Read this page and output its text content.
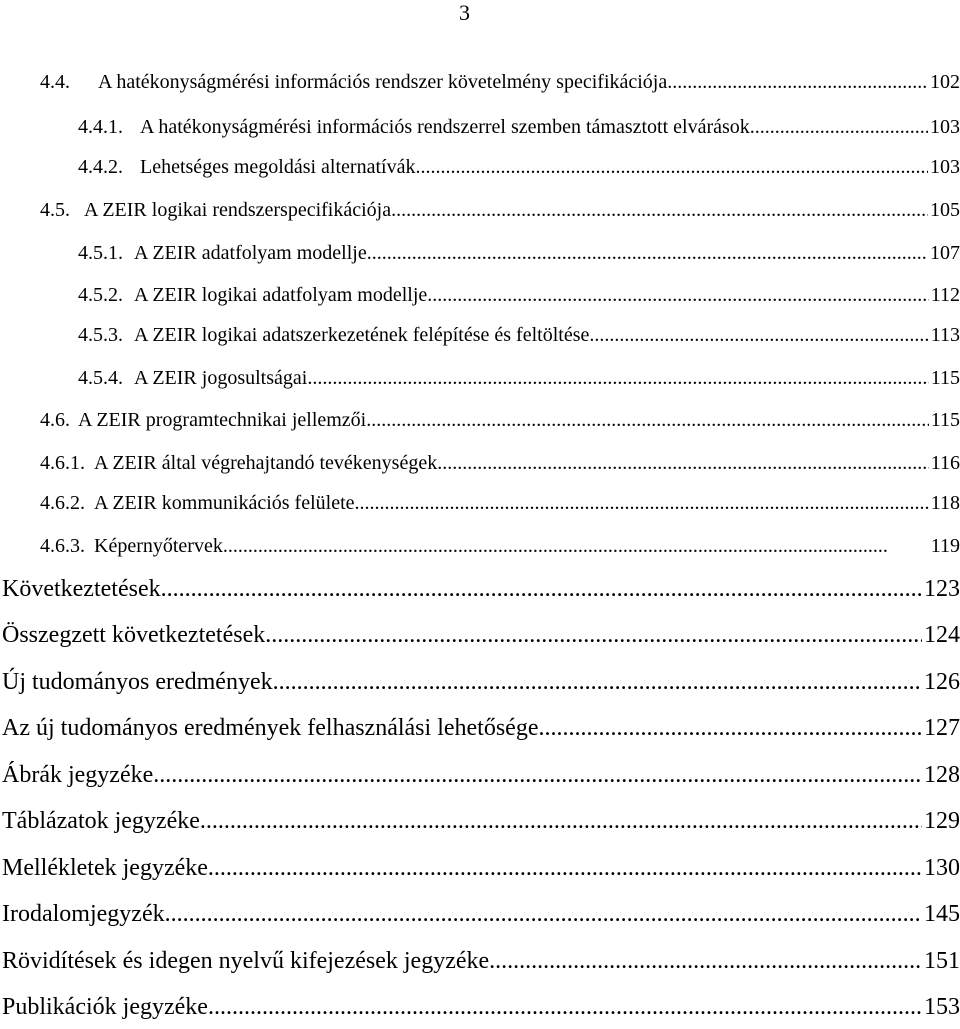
3
4.4.	A hatékonyságmérési információs rendszer követelmény specifikációja . . .	102
4.4.1. A hatékonyságmérési információs rendszerrel szemben támasztott elvárások . . .	103
4.4.2. Lehetséges megoldási alternatívák . . .	103
4.5. A ZEIR logikai rendszerspecifikációja . . .	105
4.5.1. A ZEIR adatfolyam modellje . . .	107
4.5.2. A ZEIR logikai adatfolyam modellje . . .	112
4.5.3. A ZEIR logikai adatszerkezetének felépítése és feltöltése . . .	113
4.5.4. A ZEIR jogosultságai . . .	115
4.6. A ZEIR programtechnikai jellemzői . . .	115
4.6.1. A ZEIR által végrehajtandó tevékenységek . . .	116
4.6.2. A ZEIR kommunikációs felülete . . .	118
4.6.3. Képernyőtervek . . .	119
Következtetések . . .	123
Összegzett következtetések . . .	124
Új tudományos eredmények . . .	126
Az új tudományos eredmények felhasználási lehetősége . . .	127
Ábrák jegyzéke . . .	128
Táblázatok jegyzéke . . .	129
Mellékletek jegyzéke . . .	130
Irodalomjegyzék . . .	145
Rövidítések és idegen nyelvű kifejezések jegyzéke . . .	151
Publikációk jegyzéke . . .	153
